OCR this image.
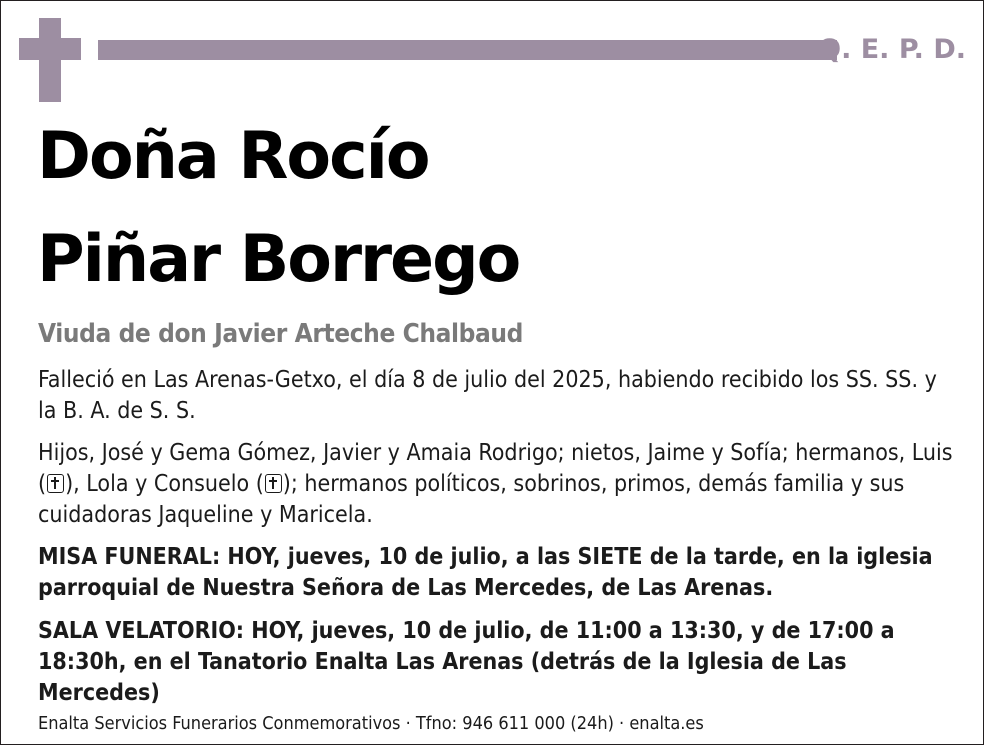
Q. E. P. D.
Doña Rocío
Piñar Borrego
Viuda de don Javier Arteche Chalbaud

Falleció en Las Arenas-Getxo, el día 8 de julio del 2025, habiendo recibido los SS. SS. y la B. A. de S. S.

Hijos, José y Gema Gómez, Javier y Amaia Rodrigo; nietos, Jaime y Sofía; hermanos, Luis ( ), Lola y Consuelo ( ); hermanos políticos, sobrinos, primos, demás familia y sus cuidadoras Jaqueline y Maricela.

MISA FUNERAL: HOY, jueves, 10 de julio, a las SIETE de la tarde, en la iglesia parroquial de Nuestra Señora de Las Mercedes, de Las Arenas.

SALA VELATORIO: HOY, jueves, 10 de julio, de 11:00 a 13:30, y de 17:00 a 18:30h, en el Tanatorio Enalta Las Arenas (detrás de la Iglesia de Las Mercedes)

Enalta Servicios Funerarios Conmemorativos · Tfno: 946 611 000 (24h) · enalta.es
